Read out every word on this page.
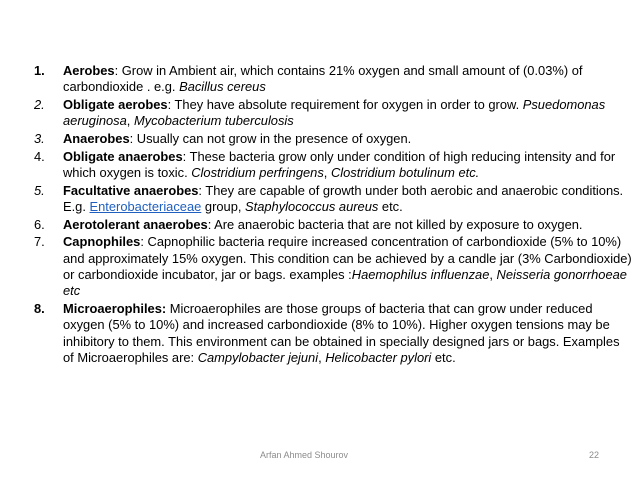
1.	Aerobes: Grow in Ambient air, which contains 21% oxygen and small amount of (0.03%) of carbondioxide . e.g. Bacillus cereus
2.	Obligate aerobes: They have absolute requirement for oxygen in order to grow. Psuedomonas aeruginosa, Mycobacterium tuberculosis
3.	Anaerobes: Usually can not grow in the presence of oxygen.
4.	Obligate anaerobes: These bacteria grow only under condition of high reducing intensity and for which oxygen is toxic. Clostridium perfringens, Clostridium botulinum etc.
5.	Facultative anaerobes: They are capable of growth under both aerobic and anaerobic conditions. E.g. Enterobacteriaceae group, Staphylococcus aureus etc.
6.	Aerotolerant anaerobes: Are anaerobic bacteria that are not killed by exposure to oxygen.
7.	Capnophiles: Capnophilic bacteria require increased concentration of carbondioxide (5% to 10%) and approximately 15% oxygen. This condition can be achieved by a candle jar (3% Carbondioxide) or carbondioxide incubator, jar or bags. examples :Haemophilus influenzae, Neisseria gonorrhoeae etc
8.	Microaerophiles: Microaerophiles are those groups of bacteria that can grow under reduced oxygen (5% to 10%) and increased carbondioxide (8% to 10%). Higher oxygen tensions may be inhibitory to them. This environment can be obtained in specially designed jars or bags. Examples of Microaerophiles are: Campylobacter jejuni, Helicobacter pylori etc.
Arfan Ahmed Shourov	22
